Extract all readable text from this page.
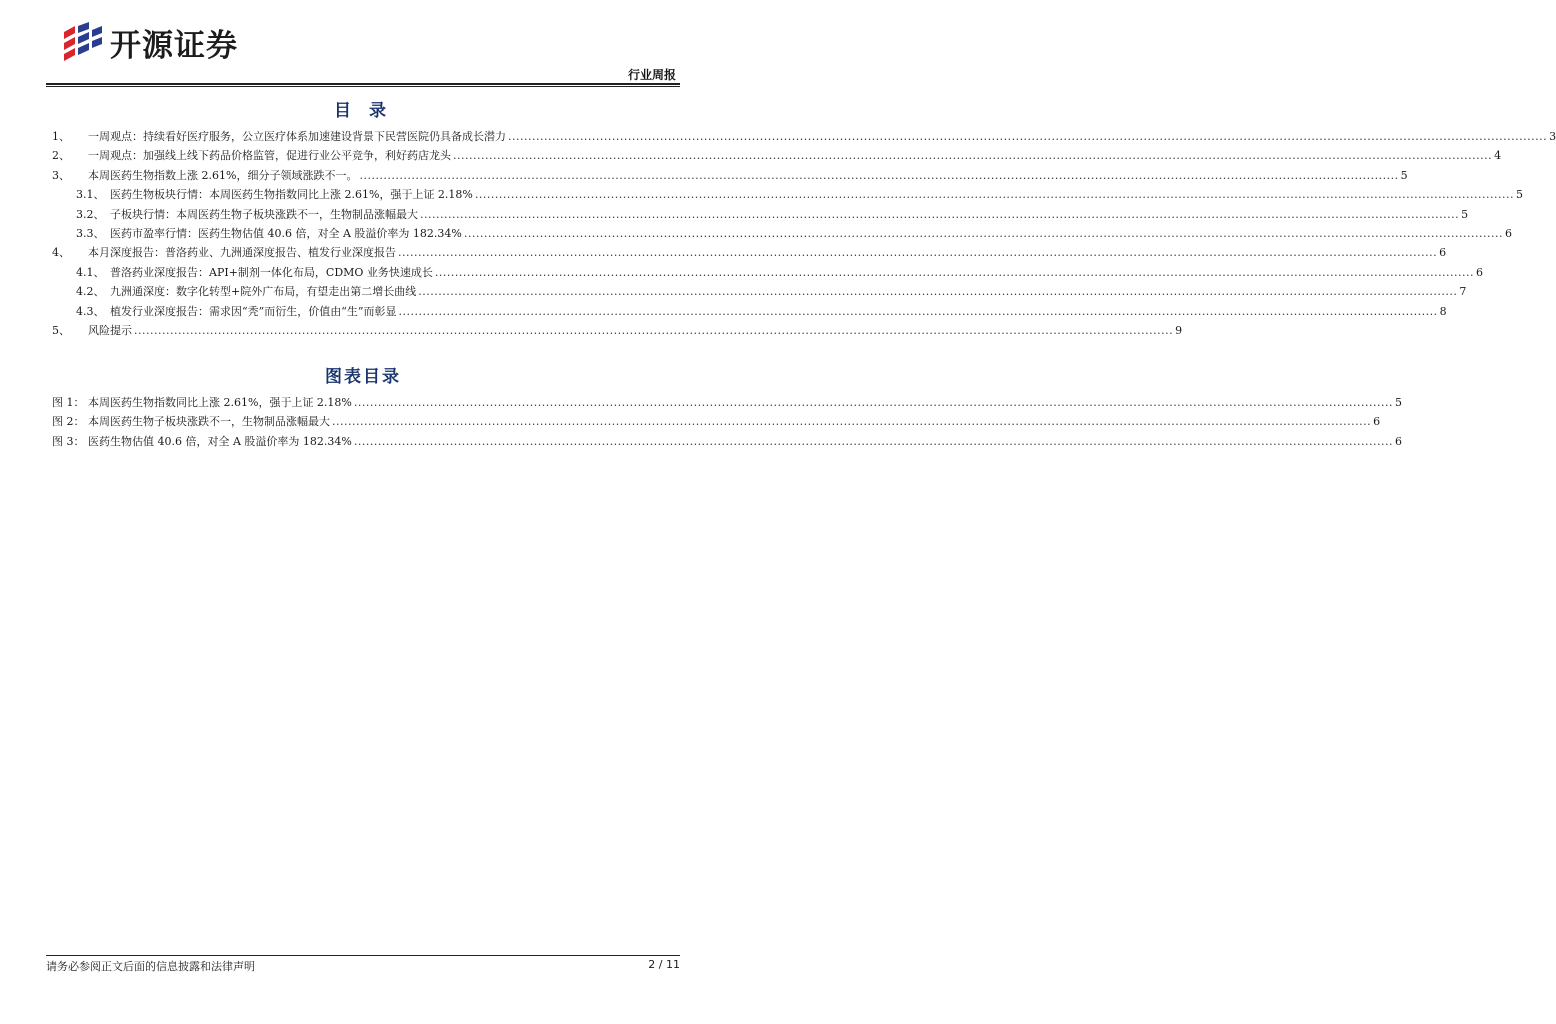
开源证券
行业周报
目 录
1、	一周观点：持续看好医疗服务，公立医疗体系加速建设背景下民营医院仍具备成长潜力 .....	3
2、	一周观点：加强线上线下药品价格监管，促进行业公平竞争，利好药店龙头 .....	4
3、	本周医药生物指数上涨 2.61%，细分子领域涨跌不一。 .....	5
3.1、 医药生物板块行情：本周医药生物指数同比上涨 2.61%，强于上证 2.18% .....	5
3.2、 子板块行情：本周医药生物子板块涨跌不一，生物制品涨幅最大 .....	5
3.3、 医药市盈率行情：医药生物估值 40.6 倍，对全 A 股溢价率为 182.34% .....	6
4、	本月深度报告：普洛药业、九洲通深度报告、植发行业深度报告 .....	6
4.1、 普洛药业深度报告：API+制剂一体化布局，CDMO 业务快速成长 .....	6
4.2、 九洲通深度：数字化转型+院外广布局，有望走出第二增长曲线 .....	7
4.3、 植发行业深度报告：需求因“秃”而衍生，价值由“生”而彰显 .....	8
5、	风险提示 .....	9
图表目录
图 1： 本周医药生物指数同比上涨 2.61%，强于上证 2.18% .....	5
图 2： 本周医药生物子板块涨跌不一，生物制品涨幅最大 .....	6
图 3： 医药生物估值 40.6 倍，对全 A 股溢价率为 182.34% .....	6
请务必参阅正文后面的信息披露和法律声明	2 / 11
